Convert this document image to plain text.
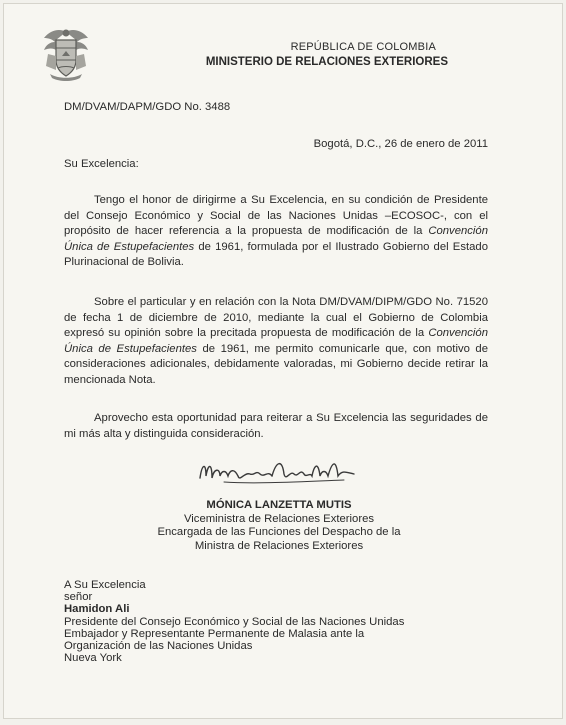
REPÚBLICA DE COLOMBIA
MINISTERIO DE RELACIONES EXTERIORES
DM/DVAM/DAPM/GDO No. 3488
Bogotá, D.C., 26 de enero de 2011
Su Excelencia:

Tengo el honor de dirigirme a Su Excelencia, en su condición de Presidente del Consejo Económico y Social de las Naciones Unidas –ECOSOC-, con el propósito de hacer referencia a la propuesta de modificación de la Convención Única de Estupefacientes de 1961, formulada por el Ilustrado Gobierno del Estado Plurinacional de Bolivia.

Sobre el particular y en relación con la Nota DM/DVAM/DIPM/GDO No. 71520 de fecha 1 de diciembre de 2010, mediante la cual el Gobierno de Colombia expresó su opinión sobre la precitada propuesta de modificación de la Convención Única de Estupefacientes de 1961, me permito comunicarle que, con motivo de consideraciones adicionales, debidamente valoradas, mi Gobierno decide retirar la mencionada Nota.

Aprovecho esta oportunidad para reiterar a Su Excelencia las seguridades de mi más alta y distinguida consideración.

MÓNICA LANZETTA MUTIS
Viceministra de Relaciones Exteriores
Encargada de las Funciones del Despacho de la
Ministra de Relaciones Exteriores
A Su Excelencia
señor
Hamidon Ali
Presidente del Consejo Económico y Social de las Naciones Unidas
Embajador y Representante Permanente de Malasia ante la
Organización de las Naciones Unidas
Nueva York
